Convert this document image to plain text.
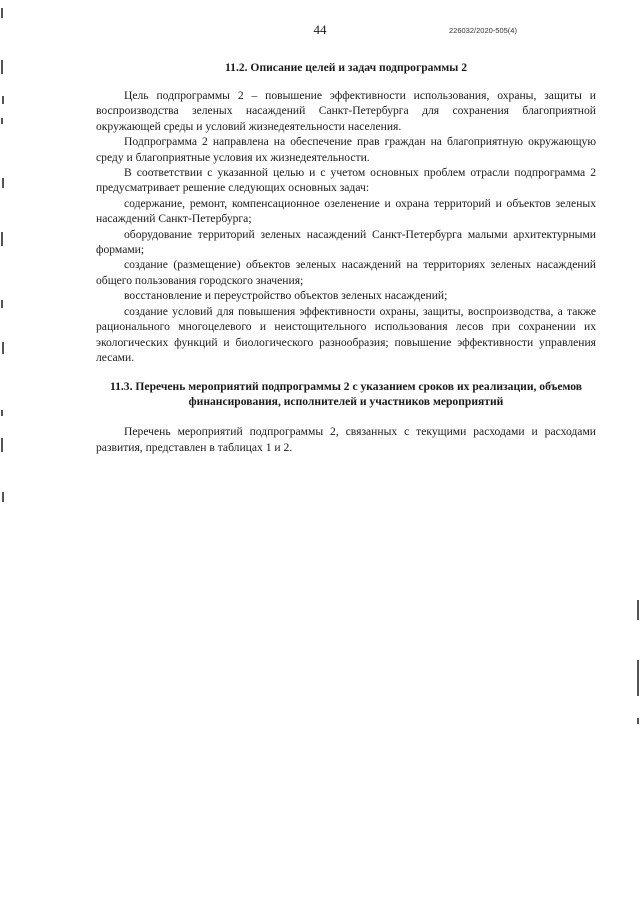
44	226032/2020-505(4)
11.2. Описание целей и задач подпрограммы 2

Цель подпрограммы 2 – повышение эффективности использования, охраны, защиты и воспроизводства зеленых насаждений Санкт-Петербурга для сохранения благоприятной окружающей среды и условий жизнедеятельности населения.

Подпрограмма 2 направлена на обеспечение прав граждан на благоприятную окружающую среду и благоприятные условия их жизнедеятельности.

В соответствии с указанной целью и с учетом основных проблем отрасли подпрограмма 2 предусматривает решение следующих основных задач:

содержание, ремонт, компенсационное озеленение и охрана территорий и объектов зеленых насаждений Санкт-Петербурга;

оборудование территорий зеленых насаждений Санкт-Петербурга малыми архитектурными формами;

создание (размещение) объектов зеленых насаждений на территориях зеленых насаждений общего пользования городского значения;

восстановление и переустройство объектов зеленых насаждений;

создание условий для повышения эффективности охраны, защиты, воспроизводства, а также рационального многоцелевого и неистощительного использования лесов при сохранении их экологических функций и биологического разнообразия; повышение эффективности управления лесами.

11.3. Перечень мероприятий подпрограммы 2 с указанием сроков их реализации, объемов финансирования, исполнителей и участников мероприятий

Перечень мероприятий подпрограммы 2, связанных с текущими расходами и расходами развития, представлен в таблицах 1 и 2.
